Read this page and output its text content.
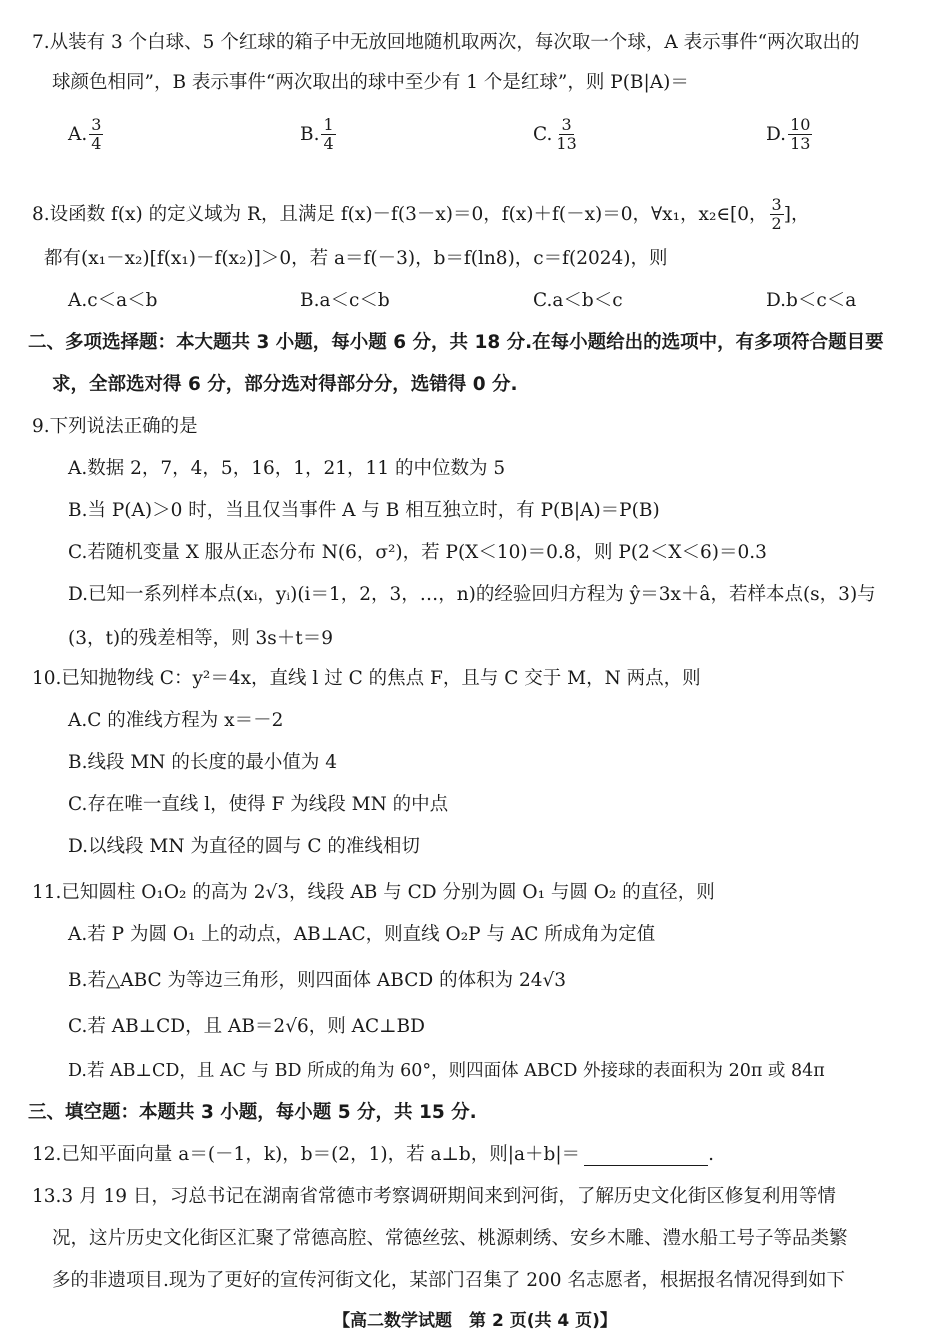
7.从装有 3 个白球、5 个红球的箱子中无放回地随机取两次，每次取一个球，A 表示事件“两次取出的
球颜色相同”，B 表示事件“两次取出的球中至少有 1 个是红球”，则 P(B|A)＝
A. $\frac{3}{4}$	B. $\frac{1}{4}$	C. $\frac{3}{13}$	D. $\frac{10}{13}$
8.设函数 f(x) 的定义域为 R，且满足 f(x)－f(3－x)＝0，f(x)＋f(－x)＝0，∀x₁，x₂∈[0， $\frac{3}{2}$ ]，
都有(x₁－x₂)[f(x₁)－f(x₂)]＞0，若 a＝f(－3)，b＝f(ln8)，c＝f(2024)，则
A.c＜a＜b	B.a＜c＜b	C.a＜b＜c	D.b＜c＜a
二、多项选择题：本大题共 3 小题，每小题 6 分，共 18 分.在每小题给出的选项中，有多项符合题目要
求，全部选对得 6 分，部分选对得部分分，选错得 0 分.
9.下列说法正确的是
A.数据 2，7，4，5，16，1，21，11 的中位数为 5
B.当 P(A)＞0 时，当且仅当事件 A 与 B 相互独立时，有 P(B|A)＝P(B)
C.若随机变量 X 服从正态分布 N(6，σ²)，若 P(X＜10)＝0.8，则 P(2＜X＜6)＝0.3
D.已知一系列样本点(xᵢ，yᵢ)(i＝1，2，3，…，n)的经验回归方程为 ŷ＝3x＋â，若样本点(s，3)与
(3，t)的残差相等，则 3s＋t＝9
10.已知抛物线 C：y²＝4x，直线 l 过 C 的焦点 F，且与 C 交于 M，N 两点，则
A.C 的准线方程为 x＝－2
B.线段 MN 的长度的最小值为 4
C.存在唯一直线 l，使得 F 为线段 MN 的中点
D.以线段 MN 为直径的圆与 C 的准线相切
11.已知圆柱 O₁O₂ 的高为 2√3，线段 AB 与 CD 分别为圆 O₁ 与圆 O₂ 的直径，则
A.若 P 为圆 O₁ 上的动点，AB⊥AC，则直线 O₂P 与 AC 所成角为定值
B.若△ABC 为等边三角形，则四面体 ABCD 的体积为 24√3
C.若 AB⊥CD，且 AB＝2√6，则 AC⊥BD
D.若 AB⊥CD，且 AC 与 BD 所成的角为 60°，则四面体 ABCD 外接球的表面积为 20π 或 84π
三、填空题：本题共 3 小题，每小题 5 分，共 15 分.
12.已知平面向量 a＝(－1，k)，b＝(2，1)，若 a⊥b，则|a＋b|＝	.
13.3 月 19 日，习总书记在湖南省常德市考察调研期间来到河街，了解历史文化街区修复利用等情
况，这片历史文化街区汇聚了常德高腔、常德丝弦、桃源刺绣、安乡木雕、澧水船工号子等品类繁
多的非遗项目.现为了更好的宣传河街文化，某部门召集了 200 名志愿者，根据报名情况得到如下
【高二数学试题　第 2 页(共 4 页)】
